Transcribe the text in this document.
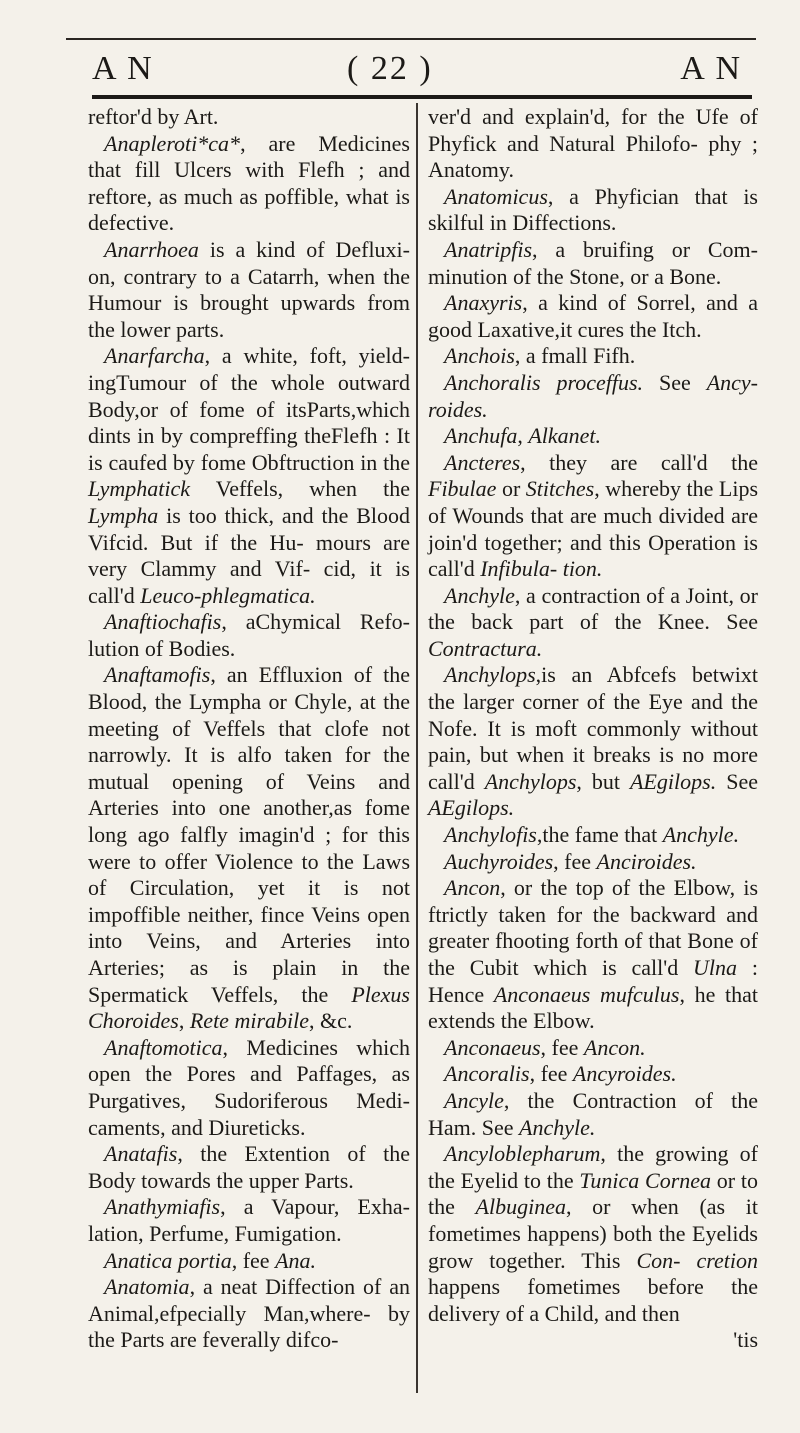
A N	( 22 )	A N

reftor'd by Art.

Anapleroti*ca*, are Medicines that fill Ulcers with Flefh ; and reftore, as much as poffible, what is defective.

Anarrhoea is a kind of Defluxi- on, contrary to a Catarrh, when the Humour is brought upwards from the lower parts.

Anarfarcha, a white, foft, yield- ingTumour of the whole outward Body,or of fome of itsParts,which dints in by compreffing theFlefh : It is caufed by fome Obftruction in the Lymphatick Veffels, when the Lympha is too thick, and the Blood Vifcid. But if the Hu- mours are very Clammy and Vif- cid, it is call'd Leuco-phlegmatica.

Anaftiochafis, aChymical Refo- lution of Bodies.

Anaftamofis, an Effluxion of the Blood, the Lympha or Chyle, at the meeting of Veffels that clofe not narrowly. It is alfo taken for the mutual opening of Veins and Arteries into one another,as fome long ago falfly imagin'd ; for this were to offer Violence to the Laws of Circulation, yet it is not impoffible neither, fince Veins open into Veins, and Arteries into Arteries; as is plain in the Spermatick Veffels, the Plexus Choroides, Rete mirabile, &c.

Anaftomotica, Medicines which open the Pores and Paffages, as Purgatives, Sudoriferous Medi- caments, and Diureticks.

Anatafis, the Extention of the Body towards the upper Parts.

Anathymiafis, a Vapour, Exha- lation, Perfume, Fumigation.

Anatica portia, fee Ana.

Anatomia, a neat Diffection of an Animal,efpecially Man,where- by the Parts are feverally difco-

ver'd and explain'd, for the Ufe of Phyfick and Natural Philofo- phy ; Anatomy.

Anatomicus, a Phyfician that is skilful in Diffections.

Anatripfis, a bruifing or Com- minution of the Stone, or a Bone.

Anaxyris, a kind of Sorrel, and a good Laxative,it cures the Itch.

Anchois, a fmall Fifh.

Anchoralis proceffus. See Ancy- roides.

Anchufa, Alkanet.

Ancteres, they are call'd the Fibulae or Stitches, whereby the Lips of Wounds that are much divided are join'd together; and this Operation is call'd Infibula- tion.

Anchyle, a contraction of a Joint, or the back part of the Knee. See Contractura.

Anchylops,is an Abfcefs betwixt the larger corner of the Eye and the Nofe. It is moft commonly without pain, but when it breaks is no more call'd Anchylops, but AEgilops. See AEgilops.

Anchylofis,the fame that Anchyle.

Auchyroides, fee Anciroides.

Ancon, or the top of the Elbow, is ftrictly taken for the backward and greater fhooting forth of that Bone of the Cubit which is call'd Ulna : Hence Anconaeus mufculus, he that extends the Elbow.

Anconaeus, fee Ancon.

Ancoralis, fee Ancyroides.

Ancyle, the Contraction of the Ham. See Anchyle.

Ancyloblepharum, the growing of the Eyelid to the Tunica Cornea or to the Albuginea, or when (as it fometimes happens) both the Eyelids grow together. This Con- cretion happens fometimes before the delivery of a Child, and then

'tis
